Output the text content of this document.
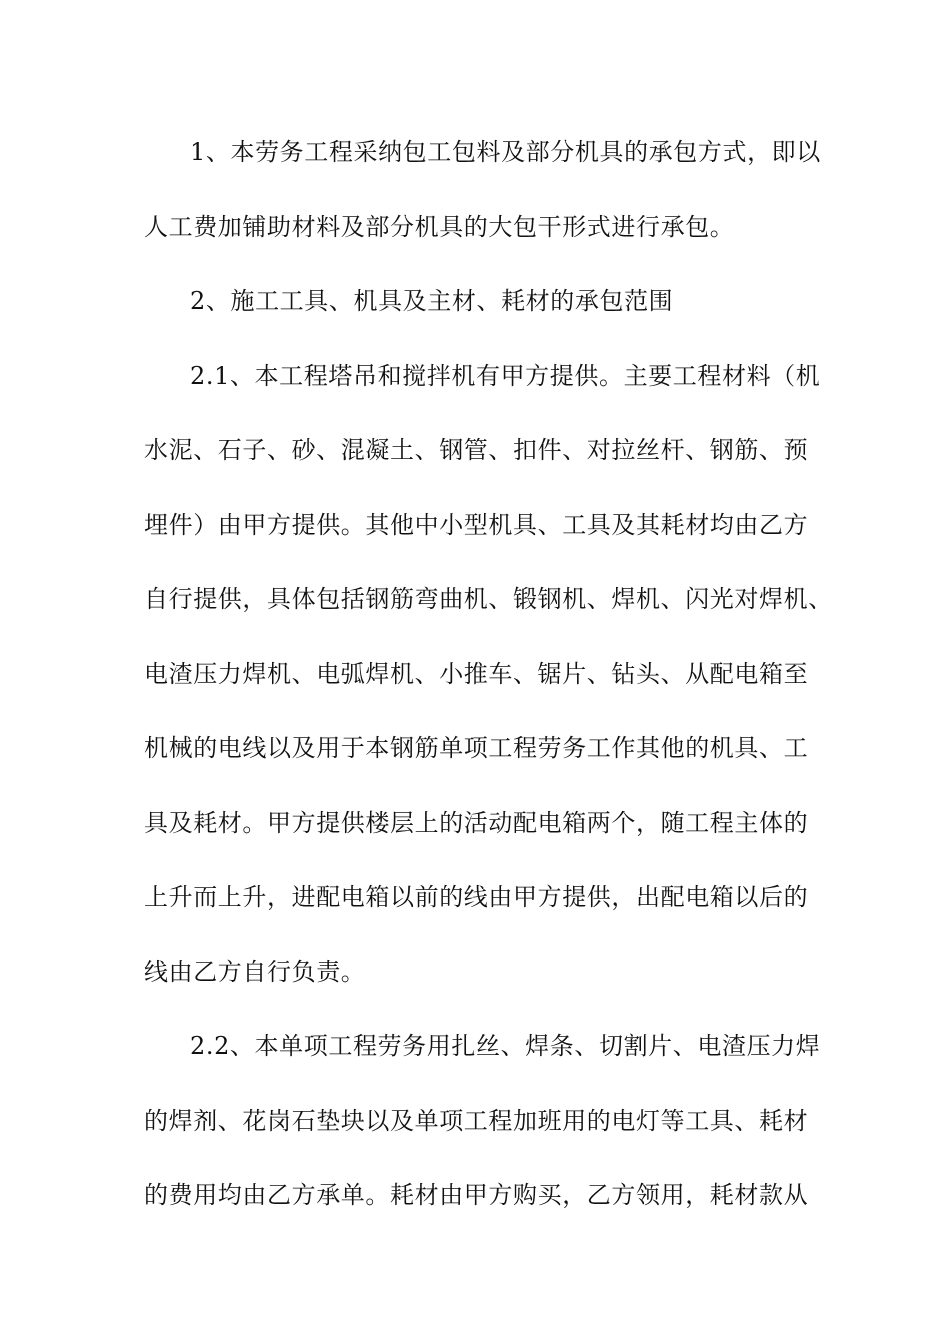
1、本劳务工程采纳包工包料及部分机具的承包方式，即以
人工费加铺助材料及部分机具的大包干形式进行承包。
2、施工工具、机具及主材、耗材的承包范围
2.1、本工程塔吊和搅拌机有甲方提供。主要工程材料（机
水泥、石子、砂、混凝土、钢管、扣件、对拉丝杆、钢筋、预
埋件）由甲方提供。其他中小型机具、工具及其耗材均由乙方
自行提供，具体包括钢筋弯曲机、锻钢机、焊机、闪光对焊机、
电渣压力焊机、电弧焊机、小推车、锯片、钻头、从配电箱至
机械的电线以及用于本钢筋单项工程劳务工作其他的机具、工
具及耗材。甲方提供楼层上的活动配电箱两个，随工程主体的
上升而上升，进配电箱以前的线由甲方提供，出配电箱以后的
线由乙方自行负责。
2.2、本单项工程劳务用扎丝、焊条、切割片、电渣压力焊
的焊剂、花岗石垫块以及单项工程加班用的电灯等工具、耗材
的费用均由乙方承单。耗材由甲方购买，乙方领用，耗材款从
